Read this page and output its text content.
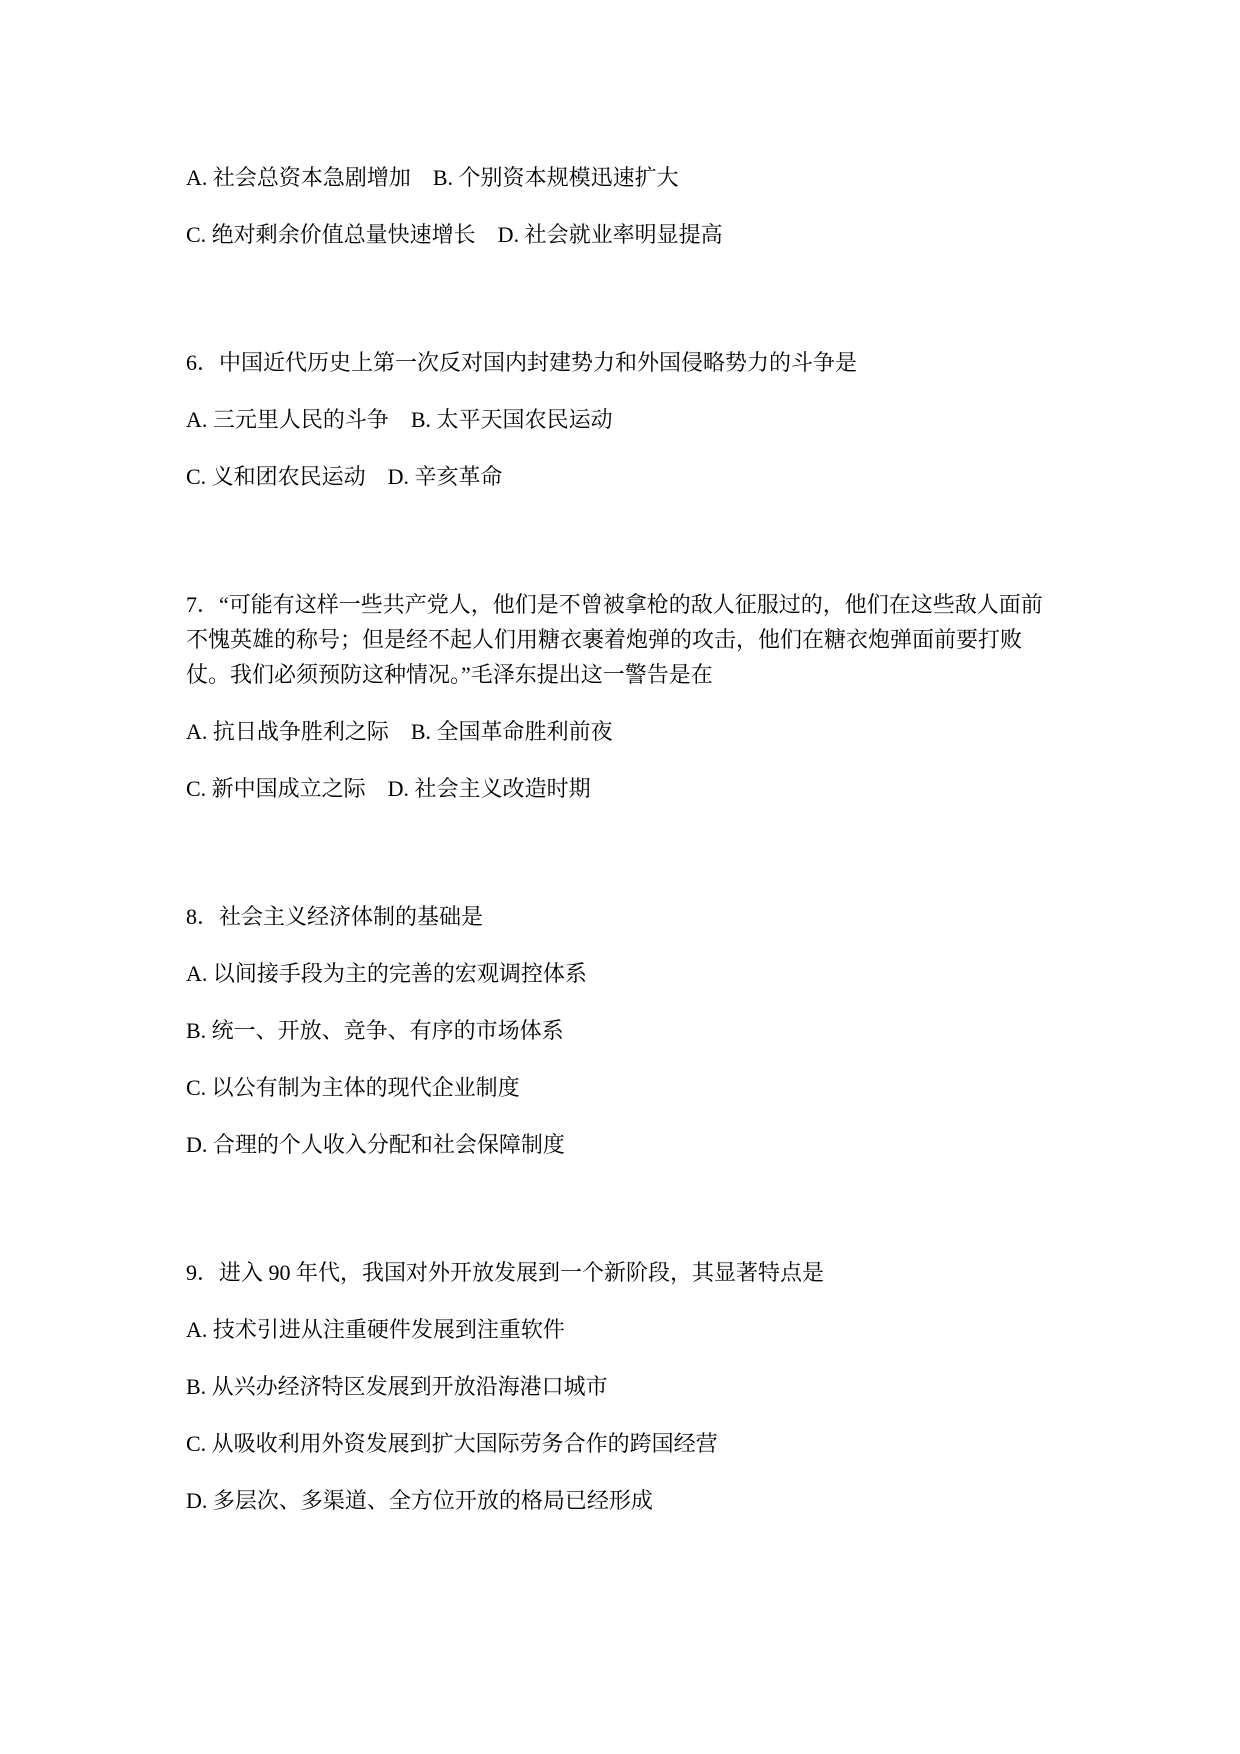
A. 社会总资本急剧增加　B. 个别资本规模迅速扩大

C. 绝对剩余价值总量快速增长　D. 社会就业率明显提高

6．中国近代历史上第一次反对国内封建势力和外国侵略势力的斗争是

A. 三元里人民的斗争　B. 太平天国农民运动

C. 义和团农民运动　D. 辛亥革命

7．“可能有这样一些共产党人，他们是不曾被拿枪的敌人征服过的，他们在这些敌人面前不愧英雄的称号；但是经不起人们用糖衣裹着炮弹的攻击，他们在糖衣炮弹面前要打败仗。我们必须预防这种情况。”毛泽东提出这一警告是在

A. 抗日战争胜利之际　B. 全国革命胜利前夜

C. 新中国成立之际　D. 社会主义改造时期

8．社会主义经济体制的基础是

A. 以间接手段为主的完善的宏观调控体系

B. 统一、开放、竞争、有序的市场体系

C. 以公有制为主体的现代企业制度

D. 合理的个人收入分配和社会保障制度

9．进入 90 年代，我国对外开放发展到一个新阶段，其显著特点是

A. 技术引进从注重硬件发展到注重软件

B. 从兴办经济特区发展到开放沿海港口城市

C. 从吸收利用外资发展到扩大国际劳务合作的跨国经营

D. 多层次、多渠道、全方位开放的格局已经形成
